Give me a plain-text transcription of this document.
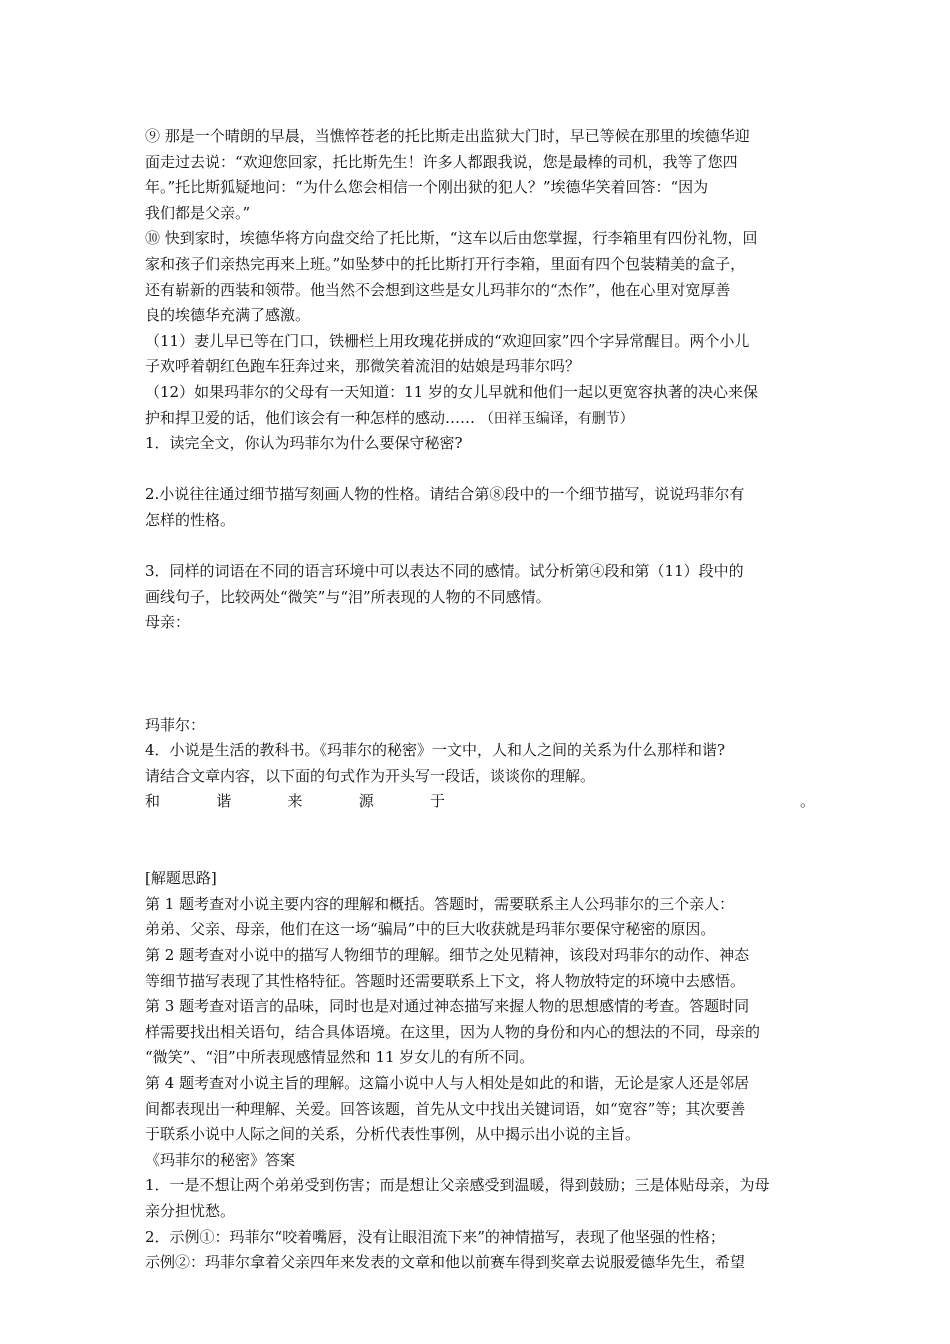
⑨ 那是一个晴朗的早晨，当憔悴苍老的托比斯走出监狱大门时，早已等候在那里的埃德华迎
面走过去说：“欢迎您回家，托比斯先生！许多人都跟我说，您是最棒的司机，我等了您四
年。”托比斯狐疑地问：“为什么您会相信一个刚出狱的犯人？”埃德华笑着回答：“因为
我们都是父亲。”
⑩ 快到家时，埃德华将方向盘交给了托比斯，“这车以后由您掌握，行李箱里有四份礼物，回
家和孩子们亲热完再来上班。”如坠梦中的托比斯打开行李箱，里面有四个包装精美的盒子，
还有崭新的西装和领带。他当然不会想到这些是女儿玛菲尔的“杰作”，他在心里对宽厚善
良的埃德华充满了感激。
（11）妻儿早已等在门口，铁栅栏上用玫瑰花拼成的“欢迎回家”四个字异常醒目。两个小儿
子欢呼着朝红色跑车狂奔过来，那微笑着流泪的姑娘是玛菲尔吗？
（12）如果玛菲尔的父母有一天知道：11 岁的女儿早就和他们一起以更宽容执著的决心来保
护和捍卫爱的话，他们该会有一种怎样的感动…… （田祥玉编译，有删节）
1．读完全文，你认为玛菲尔为什么要保守秘密?
2.小说往往通过细节描写刻画人物的性格。请结合第⑧段中的一个细节描写，说说玛菲尔有
怎样的性格。
3．同样的词语在不同的语言环境中可以表达不同的感情。试分析第④段和第（11）段中的
画线句子，比较两处“微笑”与“泪”所表现的人物的不同感情。
母亲：
玛菲尔：
4．小说是生活的教科书。《玛菲尔的秘密》一文中，人和人之间的关系为什么那样和谐?
请结合文章内容，以下面的句式作为开头写一段话，谈谈你的理解。
和	谐	来	源	于	。
[解题思路]
第 1 题考查对小说主要内容的理解和概括。答题时，需要联系主人公玛菲尔的三个亲人：
弟弟、父亲、母亲，他们在这一场“骗局”中的巨大收获就是玛菲尔要保守秘密的原因。
第 2 题考查对小说中的描写人物细节的理解。细节之处见精神，该段对玛菲尔的动作、神态
等细节描写表现了其性格特征。答题时还需要联系上下文，将人物放特定的环境中去感悟。
第 3 题考查对语言的品味，同时也是对通过神态描写来握人物的思想感情的考查。答题时同
样需要找出相关语句，结合具体语境。在这里，因为人物的身份和内心的想法的不同，母亲的
“微笑”、“泪”中所表现感情显然和 11 岁女儿的有所不同。
第 4 题考查对小说主旨的理解。这篇小说中人与人相处是如此的和谐，无论是家人还是邻居
间都表现出一种理解、关爱。回答该题，首先从文中找出关键词语，如“宽容”等；其次要善
于联系小说中人际之间的关系，分析代表性事例，从中揭示出小说的主旨。
《玛菲尔的秘密》答案
1．一是不想让两个弟弟受到伤害；而是想让父亲感受到温暖，得到鼓励；三是体贴母亲，为母
亲分担忧愁。
2．示例①：玛菲尔“咬着嘴唇，没有让眼泪流下来”的神情描写，表现了他坚强的性格；
示例②：玛菲尔拿着父亲四年来发表的文章和他以前赛车得到奖章去说服爱德华先生，希望
